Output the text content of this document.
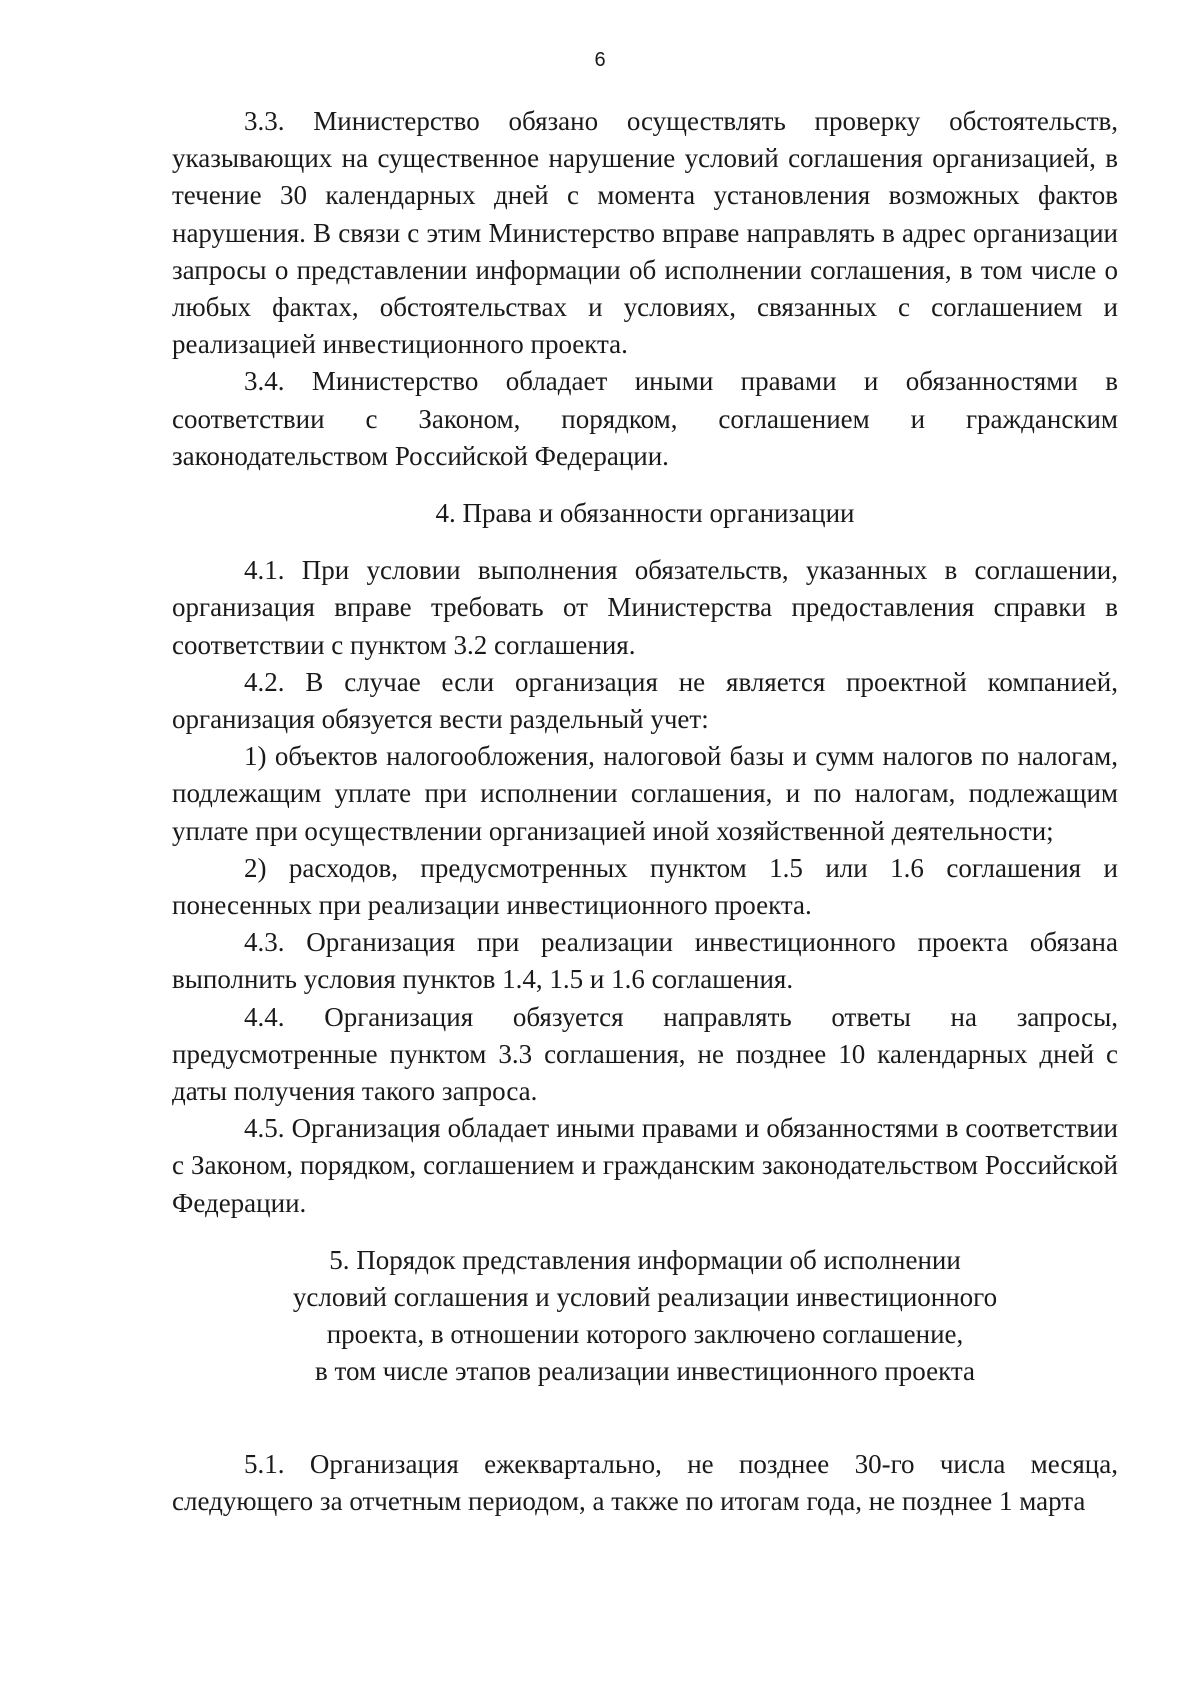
6

3.3. Министерство обязано осуществлять проверку обстоятельств, указывающих на существенное нарушение условий соглашения организацией, в течение 30 календарных дней с момента установления возможных фактов нарушения. В связи с этим Министерство вправе направлять в адрес организации запросы о представлении информации об исполнении соглашения, в том числе о любых фактах, обстоятельствах и условиях, связанных с соглашением и реализацией инвестиционного проекта.

3.4. Министерство обладает иными правами и обязанностями в соответствии с Законом, порядком, соглашением и гражданским законодательством Российской Федерации.

4. Права и обязанности организации

4.1. При условии выполнения обязательств, указанных в соглашении, организация вправе требовать от Министерства предоставления справки в соответствии с пунктом 3.2 соглашения.

4.2. В случае если организация не является проектной компанией, организация обязуется вести раздельный учет:

1) объектов налогообложения, налоговой базы и сумм налогов по налогам, подлежащим уплате при исполнении соглашения, и по налогам, подлежащим уплате при осуществлении организацией иной хозяйственной деятельности;

2) расходов, предусмотренных пунктом 1.5 или 1.6 соглашения и понесенных при реализации инвестиционного проекта.

4.3. Организация при реализации инвестиционного проекта обязана выполнить условия пунктов 1.4, 1.5 и 1.6 соглашения.

4.4. Организация обязуется направлять ответы на запросы, предусмотренные пунктом 3.3 соглашения, не позднее 10 календарных дней с даты получения такого запроса.

4.5. Организация обладает иными правами и обязанностями в соответствии с Законом, порядком, соглашением и гражданским законодательством Российской Федерации.

5. Порядок представления информации об исполнении
условий соглашения и условий реализации инвестиционного
проекта, в отношении которого заключено соглашение,
в том числе этапов реализации инвестиционного проекта

5.1. Организация ежеквартально, не позднее 30-го числа месяца, следующего за отчетным периодом, а также по итогам года, не позднее 1 марта
